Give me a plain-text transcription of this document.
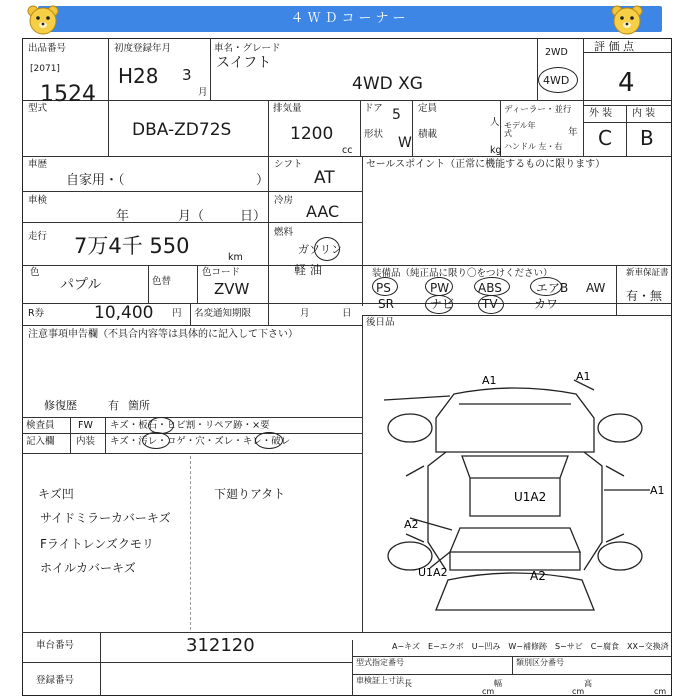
４ＷＤコーナー
出品番号
[2071]
1524
初度登録年月
H28 3
月
車名・グレード
スイフト
4WD XG
2WD
4WD
評 価 点
4
型式
DBA-ZD72S
排気量
1200
cc
ドア 5
形状
W
定員
人
積載
kg
ディーラー・並行
モデル年式	年
ハンドル 左・右
外 装 内 装
C B
車歴
自家用・（	）
シフト
AT
車検
年	月（	日）
冷房
AAC
走行 7万4千 550	km
燃料
ガソリン
軽 油
色
パプル	色替
色コード
ZVW
R券	10,400 円 名変通知期限	月	日
セールスポイント（正常に機能するものに限ります）
装備品（純正品に限り〇をつけください）	新車保証書
有・無
PS	PW ABS	エアB AW
SR	ナビ TV	カワ
後日品
注意事項申告欄（不具合内容等は具体的に記入して下さい）
修復歴	有 箇所
検査員
記入欄
FW
内装
キズ・板石・ヒビ割・リペア跡・×要
キズ・汚レ・コゲ・穴・ズレ・キレ・破レ
キズ凹
サイドミラーカバーキズ
Fライトレンズクモリ
ホイルカバーキズ
下廻りアタト
A1	A1
A1
U1A2
A2
U1A2	A2
車台番号	312120
登録番号
A−キズ　E−エクボ　U−凹み　W−補修跡　S−サビ　C−腐食　XX−交換済
型式指定番号	類別区分番号
車検証上寸法 長
cm
幅
cm
高
cm
